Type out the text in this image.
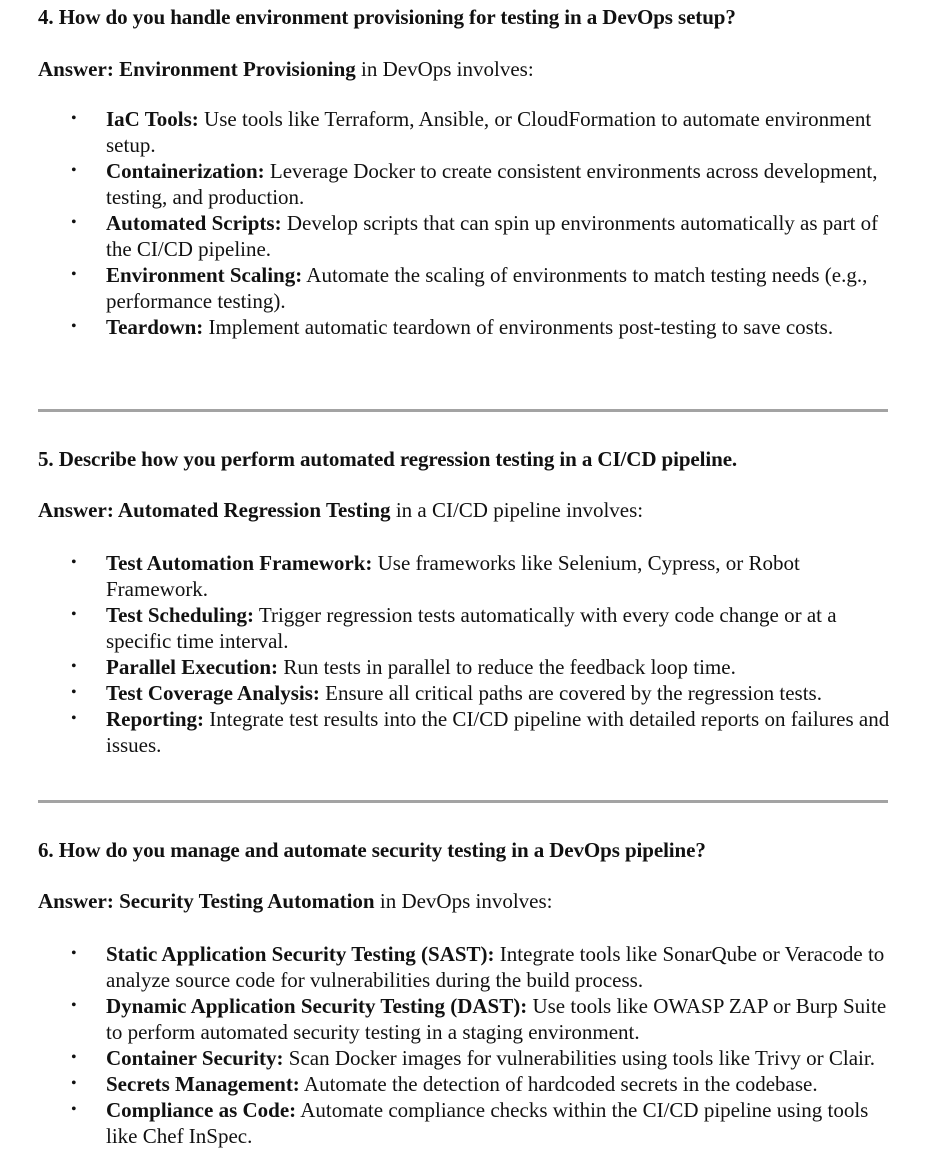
4. How do you handle environment provisioning for testing in a DevOps setup?

Answer: Environment Provisioning in DevOps involves:

• IaC Tools: Use tools like Terraform, Ansible, or CloudFormation to automate environment setup.
• Containerization: Leverage Docker to create consistent environments across development, testing, and production.
• Automated Scripts: Develop scripts that can spin up environments automatically as part of the CI/CD pipeline.
• Environment Scaling: Automate the scaling of environments to match testing needs (e.g., performance testing).
• Teardown: Implement automatic teardown of environments post-testing to save costs.

5. Describe how you perform automated regression testing in a CI/CD pipeline.

Answer: Automated Regression Testing in a CI/CD pipeline involves:

• Test Automation Framework: Use frameworks like Selenium, Cypress, or Robot Framework.
• Test Scheduling: Trigger regression tests automatically with every code change or at a specific time interval.
• Parallel Execution: Run tests in parallel to reduce the feedback loop time.
• Test Coverage Analysis: Ensure all critical paths are covered by the regression tests.
• Reporting: Integrate test results into the CI/CD pipeline with detailed reports on failures and issues.

6. How do you manage and automate security testing in a DevOps pipeline?

Answer: Security Testing Automation in DevOps involves:

• Static Application Security Testing (SAST): Integrate tools like SonarQube or Veracode to analyze source code for vulnerabilities during the build process.
• Dynamic Application Security Testing (DAST): Use tools like OWASP ZAP or Burp Suite to perform automated security testing in a staging environment.
• Container Security: Scan Docker images for vulnerabilities using tools like Trivy or Clair.
• Secrets Management: Automate the detection of hardcoded secrets in the codebase.
• Compliance as Code: Automate compliance checks within the CI/CD pipeline using tools like Chef InSpec.
